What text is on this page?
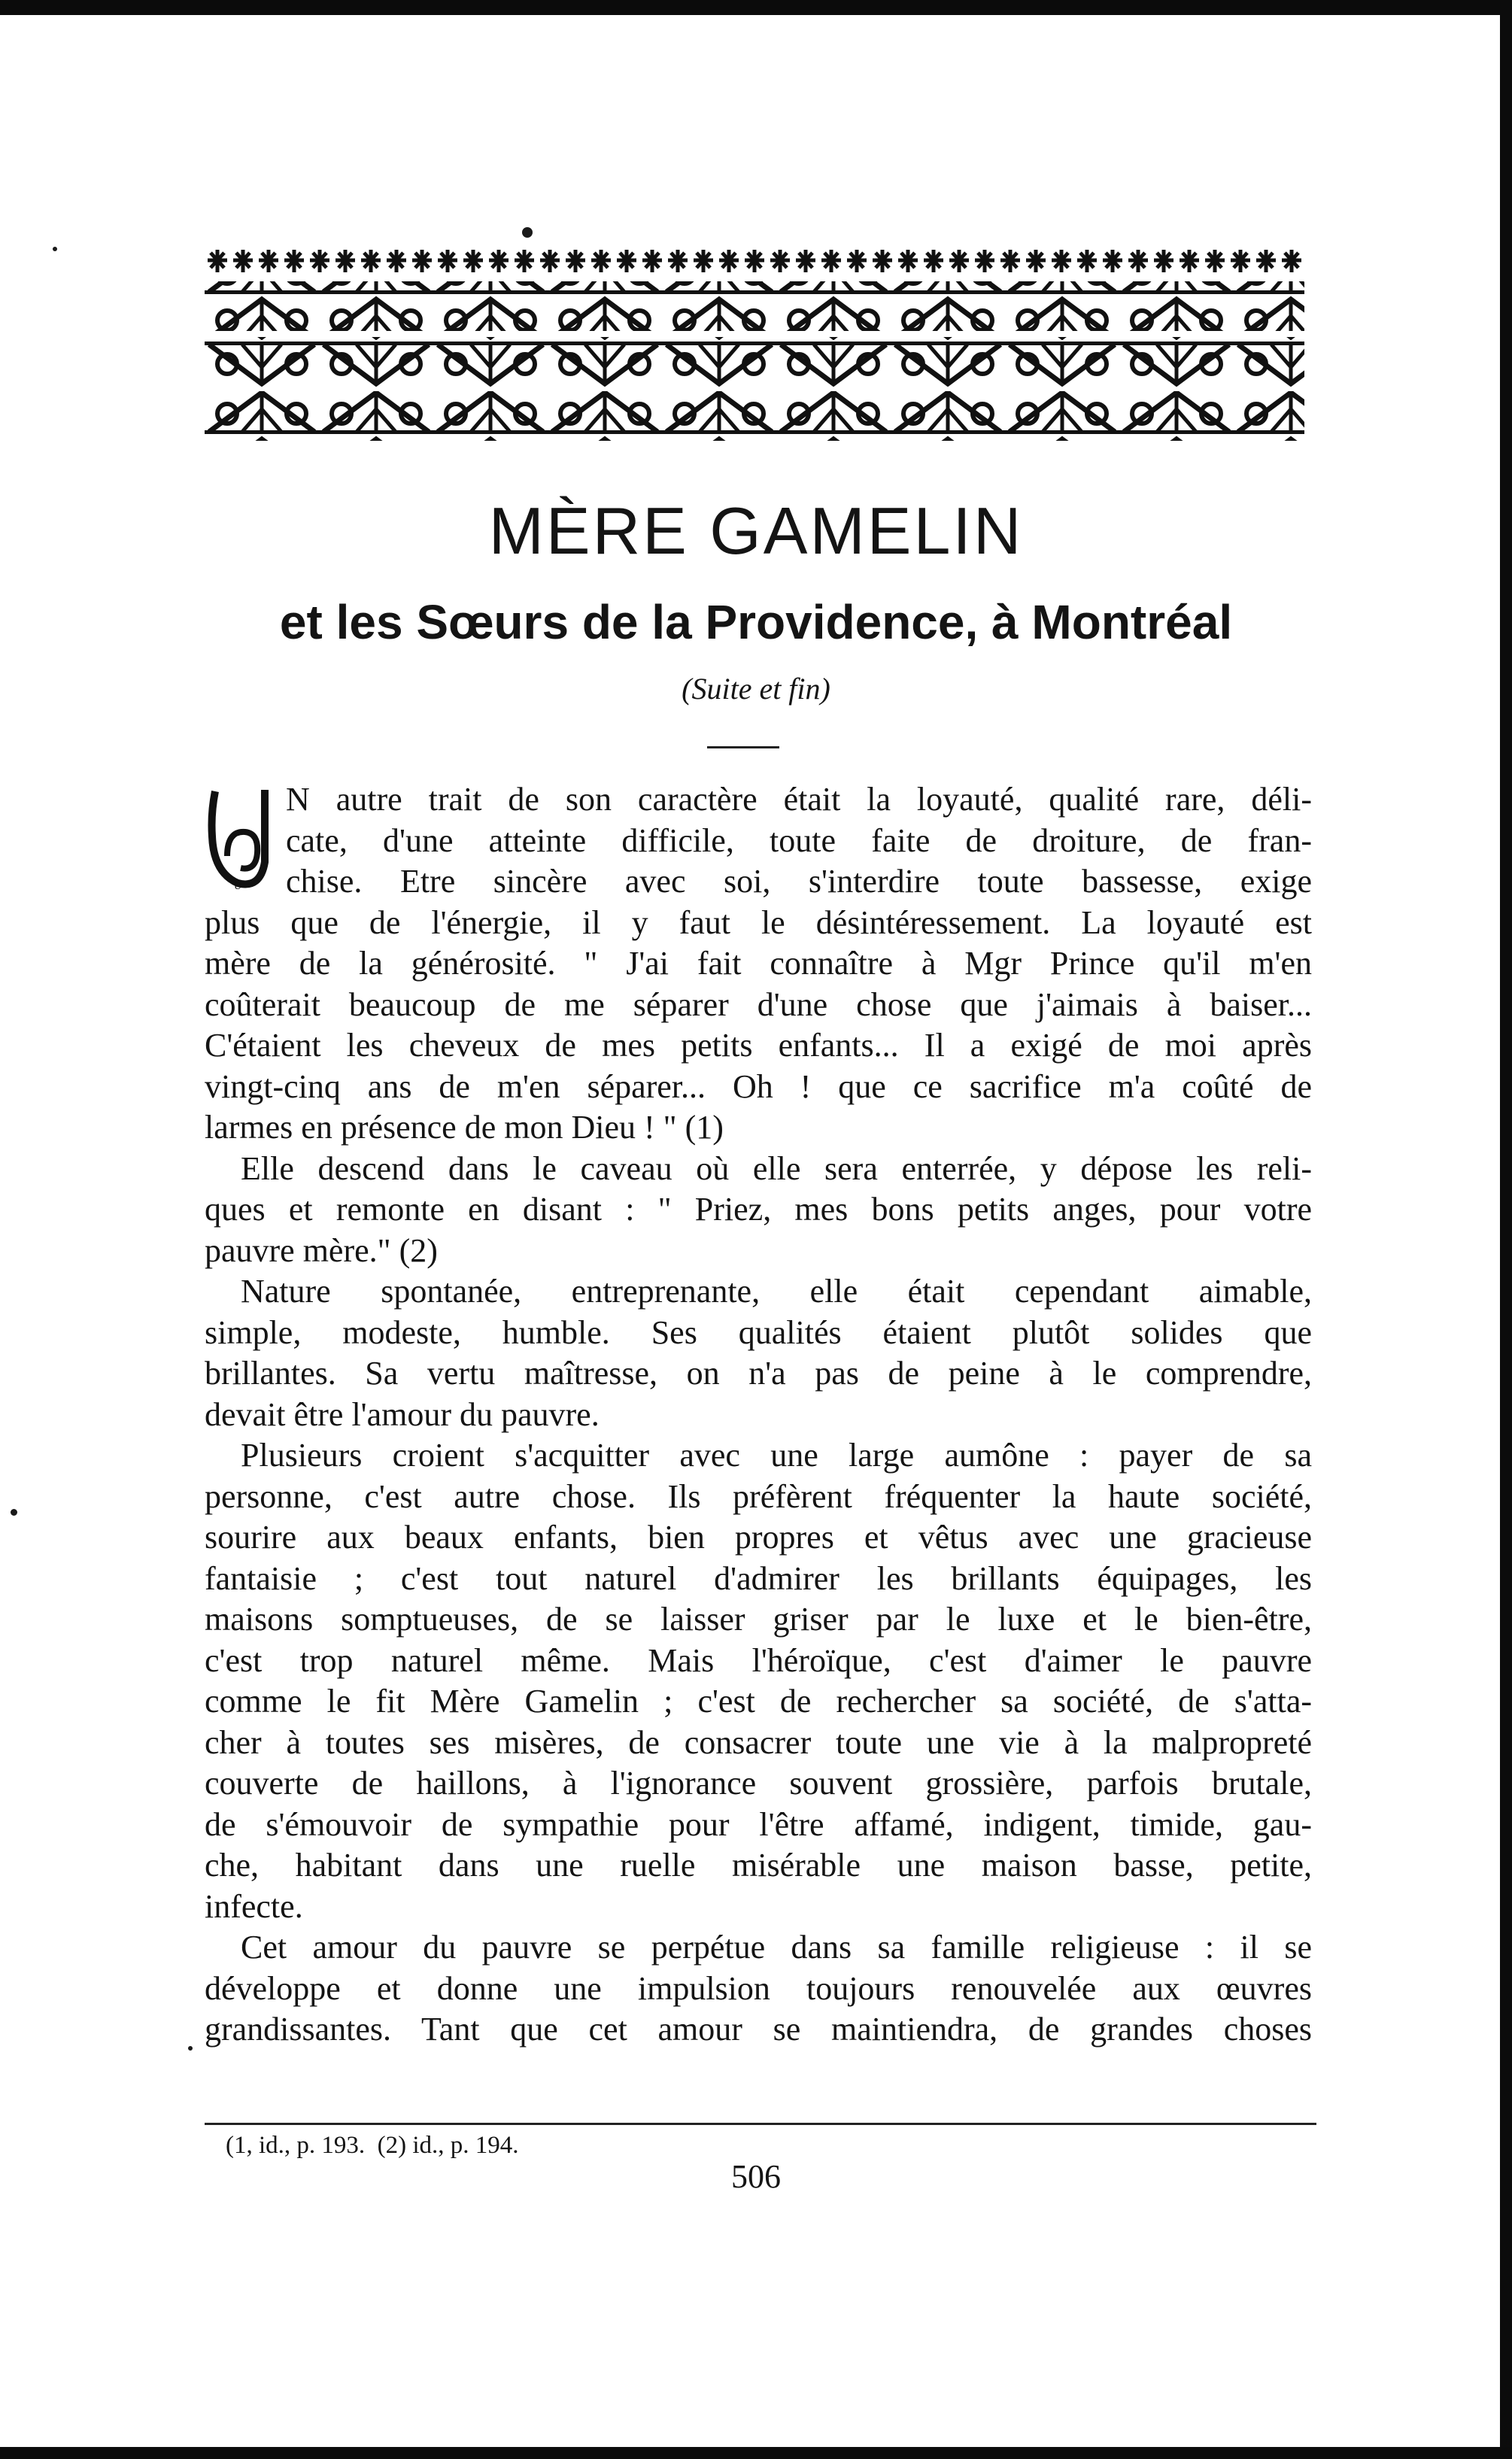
MÈRE GAMELIN
et les Sœurs de la Providence, à Montréal
(Suite et fin)
U
N autre trait de son caractère était la loyauté, qualité rare, déli-
cate, d'une atteinte difficile, toute faite de droiture, de fran-
chise. Etre sincère avec soi, s'interdire toute bassesse, exige
plus que de l'énergie, il y faut le désintéressement. La loyauté est
mère de la générosité. " J'ai fait connaître à Mgr Prince qu'il m'en
coûterait beaucoup de me séparer d'une chose que j'aimais à baiser...
C'étaient les cheveux de mes petits enfants... Il a exigé de moi après
vingt-cinq ans de m'en séparer... Oh ! que ce sacrifice m'a coûté de
larmes en présence de mon Dieu ! " (1)
Elle descend dans le caveau où elle sera enterrée, y dépose les reli-
ques et remonte en disant : " Priez, mes bons petits anges, pour votre
pauvre mère." (2)
Nature spontanée, entreprenante, elle était cependant aimable,
simple, modeste, humble. Ses qualités étaient plutôt solides que
brillantes. Sa vertu maîtresse, on n'a pas de peine à le comprendre,
devait être l'amour du pauvre.
Plusieurs croient s'acquitter avec une large aumône : payer de sa
personne, c'est autre chose. Ils préfèrent fréquenter la haute société,
sourire aux beaux enfants, bien propres et vêtus avec une gracieuse
fantaisie ; c'est tout naturel d'admirer les brillants équipages, les
maisons somptueuses, de se laisser griser par le luxe et le bien-être,
c'est trop naturel même. Mais l'héroïque, c'est d'aimer le pauvre
comme le fit Mère Gamelin ; c'est de rechercher sa société, de s'atta-
cher à toutes ses misères, de consacrer toute une vie à la malpropreté
couverte de haillons, à l'ignorance souvent grossière, parfois brutale,
de s'émouvoir de sympathie pour l'être affamé, indigent, timide, gau-
che, habitant dans une ruelle misérable une maison basse, petite,
infecte.
Cet amour du pauvre se perpétue dans sa famille religieuse : il se
développe et donne une impulsion toujours renouvelée aux œuvres
grandissantes. Tant que cet amour se maintiendra, de grandes choses
(1, id., p. 193.  (2) id., p. 194.
506
